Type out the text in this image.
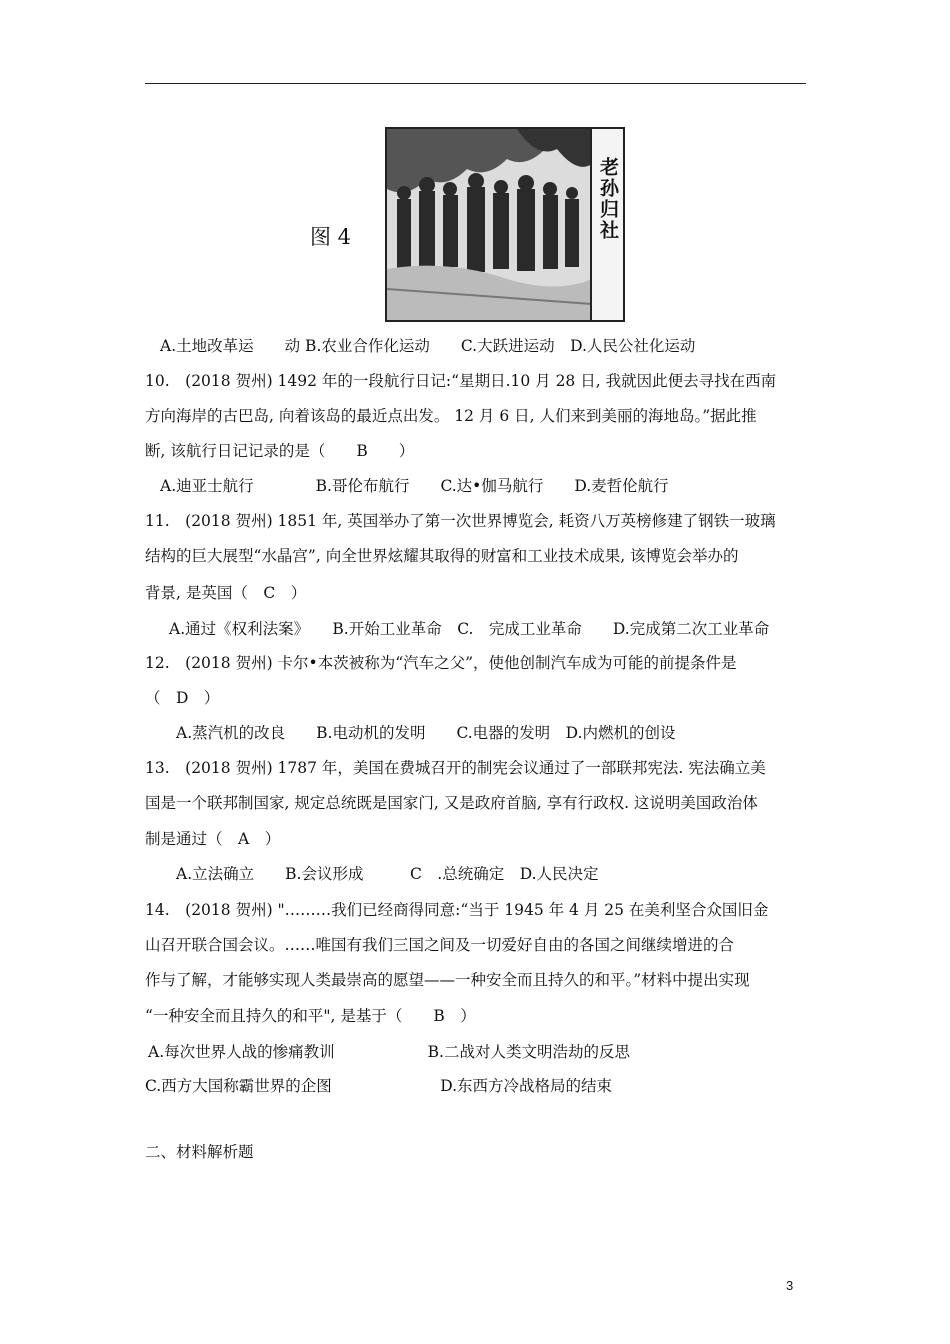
图 4	老孙归社
A.土地改革运　　动 B.农业合作化运动　　C.大跃进运动　D.人民公社化运动
10.　(2018 贺州) 1492 年的一段航行日记:“星期日.10 月 28 日, 我就因此便去寻找在西南
方向海岸的古巴岛, 向着该岛的最近点出发。 12 月 6 日, 人们来到美丽的海地岛。”据此推
断, 该航行日记记录的是（　　B　　）
A.迪亚士航行　　　　B.哥伦布航行　　C.达•伽马航行　　D.麦哲伦航行
11.　(2018 贺州) 1851 年, 英国举办了第一次世界博览会, 耗资八万英榜修建了钢铁一玻璃
结构的巨大展型“水晶宫”, 向全世界炫耀其取得的财富和工业技术成果, 该博览会举办的
背景, 是英国（　C　）
A.通过《权利法案》　　B.开始工业革命　C.　完成工业革命　　D.完成第二次工业革命
12.　(2018 贺州) 卡尔•本茨被称为“汽车之父”，使他创制汽车成为可能的前提条件是
（　D　）
A.蒸汽机的改良　　B.电动机的发明　　C.电器的发明　D.内燃机的创设
13.　(2018 贺州) 1787 年，美国在费城召开的制宪会议通过了一部联邦宪法. 宪法确立美
国是一个联邦制国家, 规定总统既是国家门, 又是政府首脑, 享有行政权. 这说明美国政治体
制是通过（　A　）
A.立法确立　　B.会议形成　　　C　.总统确定　D.人民决定
14.　(2018 贺州) "………我们已经商得同意:“当于 1945 年 4 月 25 在美利坚合众国旧金
山召开联合国会议。……唯国有我们三国之间及一切爱好自由的各国之间继续增进的合
作与了解，才能够实现人类最崇高的愿望——一种安全而且持久的和平。”材料中提出实现
“一种安全而且持久的和平", 是基于（　　B　）
A.每次世界人战的惨痛教训　　　　　　B.二战对人类文明浩劫的反思
C.西方大国称霸世界的企图　　　　　　　D.东西方冷战格局的结束
二、材料解析题
3
